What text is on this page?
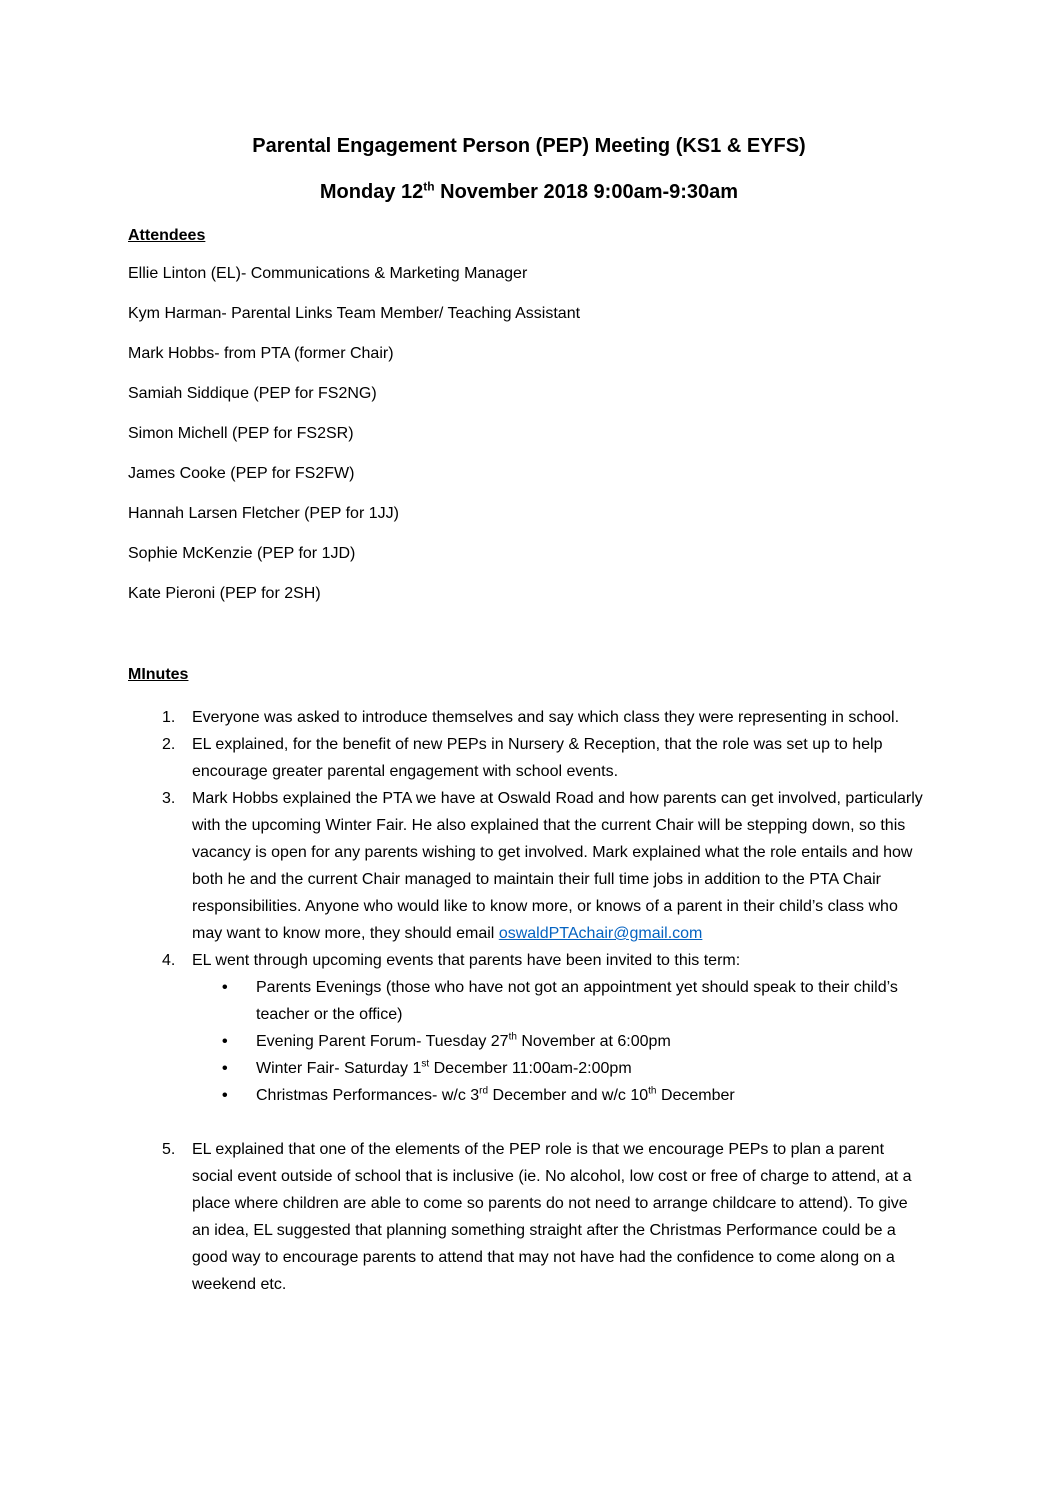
Parental Engagement Person (PEP) Meeting (KS1 & EYFS)
Monday 12th November 2018 9:00am-9:30am
Attendees
Ellie Linton (EL)- Communications & Marketing Manager
Kym Harman- Parental Links Team Member/ Teaching Assistant
Mark Hobbs- from PTA (former Chair)
Samiah Siddique (PEP for FS2NG)
Simon Michell (PEP for FS2SR)
James Cooke (PEP for FS2FW)
Hannah Larsen Fletcher (PEP for 1JJ)
Sophie McKenzie (PEP for 1JD)
Kate Pieroni (PEP for 2SH)
MInutes
1. Everyone was asked to introduce themselves and say which class they were representing in school.
2. EL explained, for the benefit of new PEPs in Nursery & Reception, that the role was set up to help encourage greater parental engagement with school events.
3. Mark Hobbs explained the PTA we have at Oswald Road and how parents can get involved, particularly with the upcoming Winter Fair. He also explained that the current Chair will be stepping down, so this vacancy is open for any parents wishing to get involved. Mark explained what the role entails and how both he and the current Chair managed to maintain their full time jobs in addition to the PTA Chair responsibilities. Anyone who would like to know more, or knows of a parent in their child’s class who may want to know more, they should email oswaldPTAchair@gmail.com
4. EL went through upcoming events that parents have been invited to this term:
• Parents Evenings (those who have not got an appointment yet should speak to their child’s teacher or the office)
• Evening Parent Forum- Tuesday 27th November at 6:00pm
• Winter Fair- Saturday 1st December 11:00am-2:00pm
• Christmas Performances- w/c 3rd December and w/c 10th December
5. EL explained that one of the elements of the PEP role is that we encourage PEPs to plan a parent social event outside of school that is inclusive (ie. No alcohol, low cost or free of charge to attend, at a place where children are able to come so parents do not need to arrange childcare to attend). To give an idea, EL suggested that planning something straight after the Christmas Performance could be a good way to encourage parents to attend that may not have had the confidence to come along on a weekend etc.
